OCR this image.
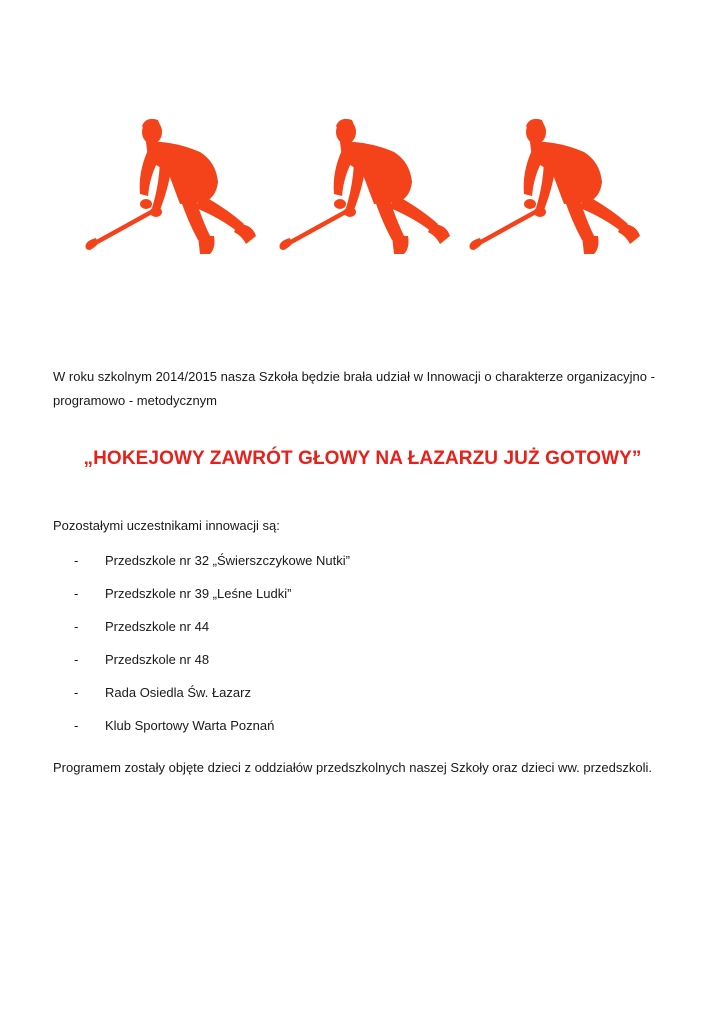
W roku szkolnym 2014/2015 nasza Szkoła będzie brała udział w Innowacji o charakterze organizacyjno - programowo - metodycznym

„HOKEJOWY ZAWRÓT GŁOWY NA ŁAZARZU JUŻ GOTOWY”
Pozostałymi uczestnikami innowacji są:
-	Przedszkole nr 32 „Świerszczykowe Nutki”
-	Przedszkole nr 39 „Leśne Ludki”
-	Przedszkole nr 44
-	Przedszkole nr 48
-	Rada Osiedla Św. Łazarz
-	Klub Sportowy Warta Poznań

Programem zostały objęte dzieci z oddziałów przedszkolnych naszej Szkoły oraz dzieci ww. przedszkoli.
